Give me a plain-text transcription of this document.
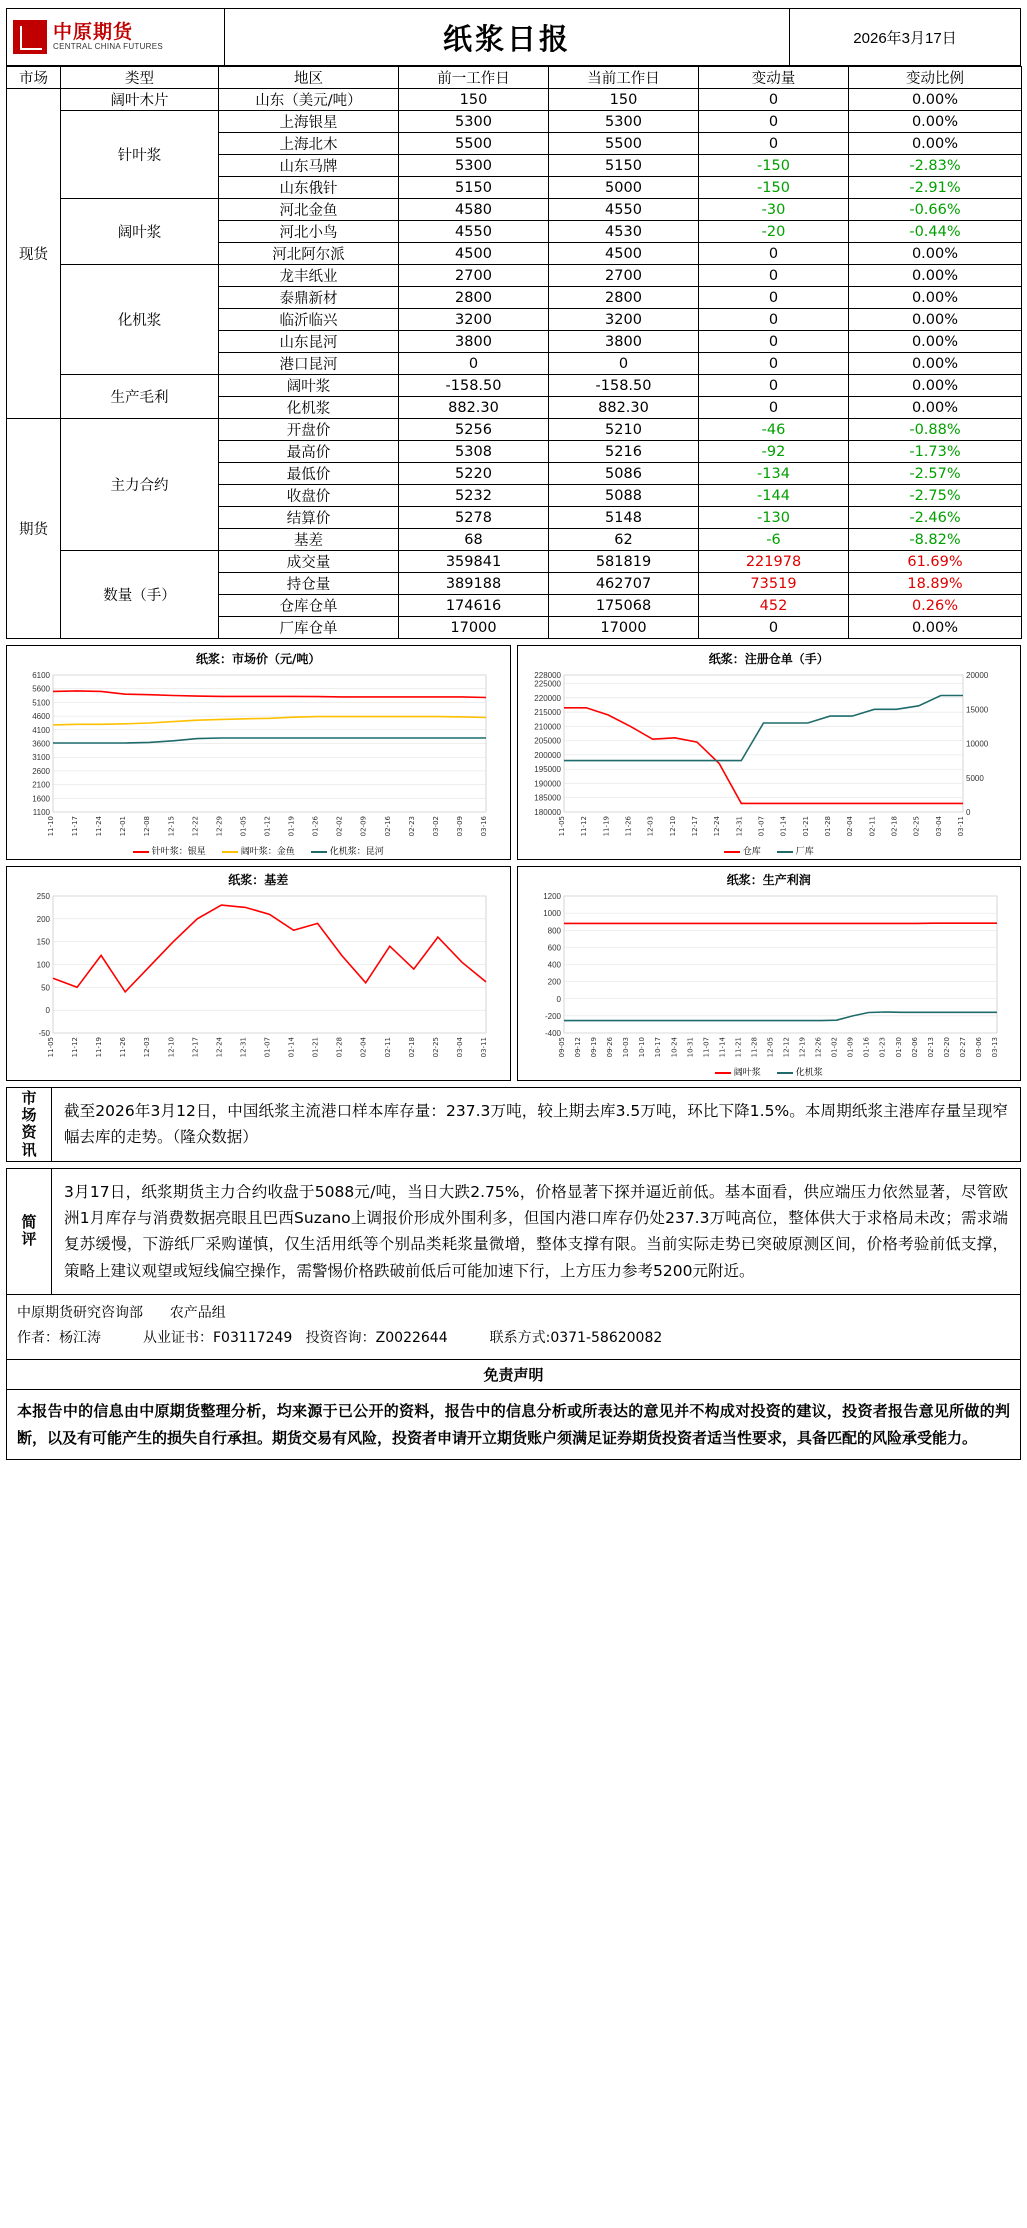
中原期货
CENTRAL CHINA FUTURES	纸浆日报	2026年3月17日
市场	类型	地区	前一工作日	当前工作日	变动量	变动比例
现货	阔叶木片	山东（美元/吨）	150	150	0	0.00%
	针叶浆	上海银星	5300	5300	0	0.00%
		上海北木	5500	5500	0	0.00%
		山东马牌	5300	5150	-150	-2.83%
		山东俄针	5150	5000	-150	-2.91%
	阔叶浆	河北金鱼	4580	4550	-30	-0.66%
		河北小鸟	4550	4530	-20	-0.44%
		河北阿尔派	4500	4500	0	0.00%
	化机浆	龙丰纸业	2700	2700	0	0.00%
		泰鼎新材	2800	2800	0	0.00%
		临沂临兴	3200	3200	0	0.00%
		山东昆河	3800	3800	0	0.00%
		港口昆河	0	0	0	0.00%
	生产毛利	阔叶浆	-158.50	-158.50	0	0.00%
		化机浆	882.30	882.30	0	0.00%
期货	主力合约	开盘价	5256	5210	-46	-0.88%
		最高价	5308	5216	-92	-1.73%
		最低价	5220	5086	-134	-2.57%
		收盘价	5232	5088	-144	-2.75%
		结算价	5278	5148	-130	-2.46%
		基差	68	62	-6	-8.82%
	数量（手）	成交量	359841	581819	221978	61.69%
		持仓量	389188	462707	73519	18.89%
		仓库仓单	174616	175068	452	0.26%
		厂库仓单	17000	17000	0	0.00%
纸浆：市场价（元/吨）
1100
1600
2100
2600
3100
3600
4100
4600
5100
5600
6100
11-10 11-17 11-24 12-01 12-08 12-15 12-22 12-29 01-05 01-12 01-19 01-26 02-02 02-09 02-16 02-23 03-02 03-09 03-16
针叶浆：银星	阔叶浆：金鱼	化机浆：昆河
纸浆：注册仓单（手）
180000
185000
190000
195000
200000
205000
210000
215000
220000
225000
228000
0
5000
10000
15000
20000
11-05 11-12 11-19 11-26 12-03 12-10 12-17 12-24 12-31 01-07 01-14 01-21 01-28 02-04 02-11 02-18 02-25 03-04 03-11
仓库	厂库
纸浆：基差
-50
0
50
100
150
200
250
11-05 11-12 11-19 11-26 12-03 12-10 12-17 12-24 12-31 01-07 01-14 01-21 01-28 02-04 02-11 02-18 02-25 03-04 03-11
纸浆：生产利润
-400
-200
0
200
400
600
800
1000
1200
09-05 09-12 09-19 09-26 10-03 10-10 10-17 10-24 10-31 11-07 11-14 11-21 11-28 12-05 12-12 12-19 12-26 01-02 01-09 01-16 01-23 01-30 02-06 02-13 02-20 02-27 03-06 03-13
阔叶浆	化机浆
市场资讯
截至2026年3月12日，中国纸浆主流港口样本库存量：237.3万吨，较上期去库3.5万吨，环比下降1.5%。本周期纸浆主港库存量呈现窄幅去库的走势。（隆众数据）
简评
3月17日，纸浆期货主力合约收盘于5088元/吨，当日大跌2.75%，价格显著下探并逼近前低。基本面看，供应端压力依然显著，尽管欧洲1月库存与消费数据亮眼且巴西Suzano上调报价形成外围利多，但国内港口库存仍处237.3万吨高位，整体供大于求格局未改；需求端复苏缓慢，下游纸厂采购谨慎，仅生活用纸等个别品类耗浆量微增，整体支撑有限。当前实际走势已突破原测区间，价格考验前低支撑，策略上建议观望或短线偏空操作，需警惕价格跌破前低后可能加速下行，上方压力参考5200元附近。
中原期货研究咨询部 农产品组
作者：杨江涛	从业证书：F03117249 投资咨询：Z0022644	联系方式:0371-58620082
免责声明
本报告中的信息由中原期货整理分析，均来源于已公开的资料，报告中的信息分析或所表达的意见并不构成对投资的建议，投资者报告意见所做的判断，以及有可能产生的损失自行承担。期货交易有风险，投资者申请开立期货账户须满足证券期货投资者适当性要求，具备匹配的风险承受能力。
